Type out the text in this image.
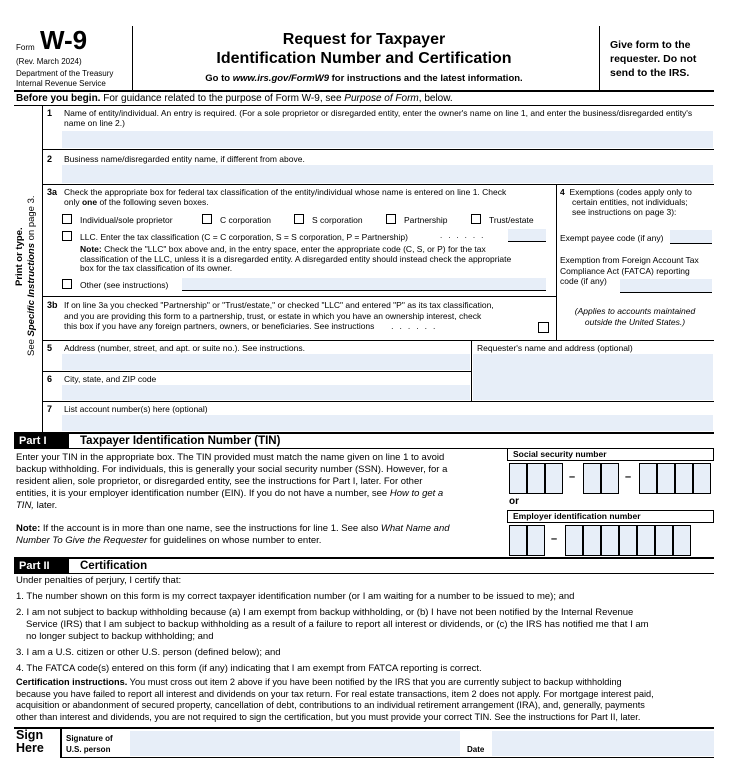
Form W-9
(Rev. March 2024)
Department of the Treasury
Internal Revenue Service
Request for Taxpayer
Identification Number and Certification
Go to www.irs.gov/FormW9 for instructions and the latest information.
Give form to the
requester. Do not
send to the IRS.
Before you begin. For guidance related to the purpose of Form W-9, see Purpose of Form, below.
Print or type.
See Specific Instructions on page 3.
1 Name of entity/individual. An entry is required. (For a sole proprietor or disregarded entity, enter the owner's name on line 1, and enter the business/disregarded entity's name on line 2.)
2 Business name/disregarded entity name, if different from above.
3a Check the appropriate box for federal tax classification of the entity/individual whose name is entered on line 1. Check
only one of the following seven boxes.
Individual/sole proprietor	C corporation	S corporation	Partnership	Trust/estate
LLC. Enter the tax classification (C = C corporation, S = S corporation, P = Partnership)	......
Note: Check the "LLC" box above and, in the entry space, enter the appropriate code (C, S, or P) for the tax
classification of the LLC, unless it is a disregarded entity. A disregarded entity should instead check the appropriate
box for the tax classification of its owner.
Other (see instructions)
4 Exemptions (codes apply only to
certain entities, not individuals;
see instructions on page 3):
Exempt payee code (if any)
Exemption from Foreign Account Tax
Compliance Act (FATCA) reporting
code (if any)
(Applies to accounts maintained
outside the United States.)
3b If on line 3a you checked "Partnership" or "Trust/estate," or checked "LLC" and entered "P" as its tax classification,
and you are providing this form to a partnership, trust, or estate in which you have an ownership interest, check
this box if you have any foreign partners, owners, or beneficiaries. See instructions  ......
5 Address (number, street, and apt. or suite no.). See instructions.	Requester's name and address (optional)
6 City, state, and ZIP code
7 List account number(s) here (optional)
Part I	Taxpayer Identification Number (TIN)
Enter your TIN in the appropriate box. The TIN provided must match the name given on line 1 to avoid
backup withholding. For individuals, this is generally your social security number (SSN). However, for a
resident alien, sole proprietor, or disregarded entity, see the instructions for Part I, later. For other
entities, it is your employer identification number (EIN). If you do not have a number, see How to get a
TIN, later.
Note: If the account is in more than one name, see the instructions for line 1. See also What Name and
Number To Give the Requester for guidelines on whose number to enter.
Social security number
–	–
or
Employer identification number
–
Part II	Certification
Under penalties of perjury, I certify that:
1. The number shown on this form is my correct taxpayer identification number (or I am waiting for a number to be issued to me); and
2. I am not subject to backup withholding because (a) I am exempt from backup withholding, or (b) I have not been notified by the Internal Revenue
Service (IRS) that I am subject to backup withholding as a result of a failure to report all interest or dividends, or (c) the IRS has notified me that I am
no longer subject to backup withholding; and
3. I am a U.S. citizen or other U.S. person (defined below); and
4. The FATCA code(s) entered on this form (if any) indicating that I am exempt from FATCA reporting is correct.
Certification instructions. You must cross out item 2 above if you have been notified by the IRS that you are currently subject to backup withholding
because you have failed to report all interest and dividends on your tax return. For real estate transactions, item 2 does not apply. For mortgage interest paid,
acquisition or abandonment of secured property, cancellation of debt, contributions to an individual retirement arrangement (IRA), and, generally, payments
other than interest and dividends, you are not required to sign the certification, but you must provide your correct TIN. See the instructions for Part II, later.
Sign
Here
Signature of
U.S. person	Date
